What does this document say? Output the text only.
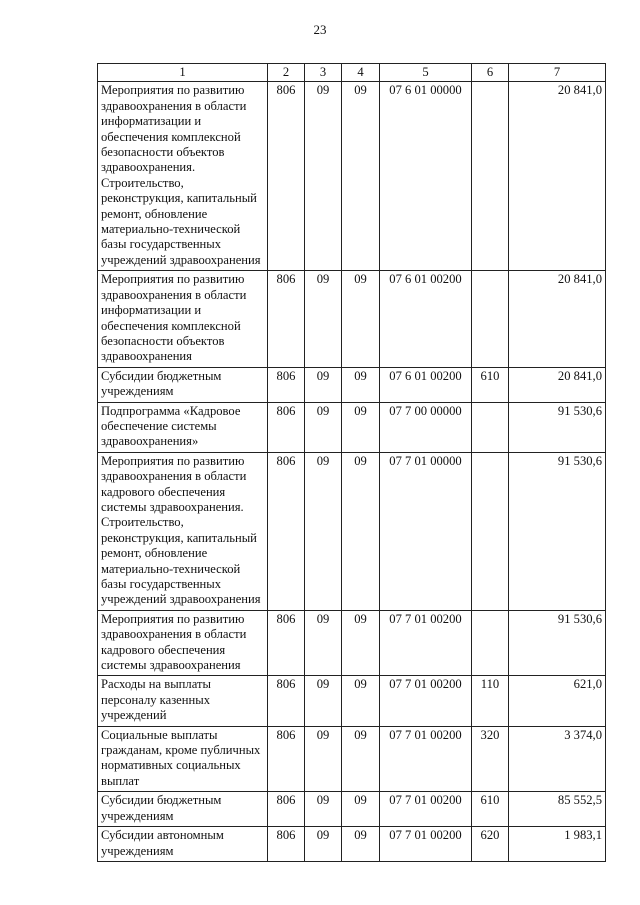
23
1	2	3	4	5	6	7
Мероприятия по развитию здравоохранения в области информатизации и обеспечения комплексной безопасности объектов здравоохранения. Строительство, реконструкция, капитальный ремонт, обновление материально-технической базы государственных учреждений здравоохранения	806	09	09	07 6 01 00000		20 841,0
Мероприятия по развитию здравоохранения в области информатизации и обеспечения комплексной безопасности объектов здравоохранения	806	09	09	07 6 01 00200		20 841,0
Субсидии бюджетным учреждениям	806	09	09	07 6 01 00200	610	20 841,0
Подпрограмма «Кадровое обеспечение системы здравоохранения»	806	09	09	07 7 00 00000		91 530,6
Мероприятия по развитию здравоохранения в области кадрового обеспечения системы здравоохранения. Строительство, реконструкция, капитальный ремонт, обновление материально-технической базы государственных учреждений здравоохранения	806	09	09	07 7 01 00000		91 530,6
Мероприятия по развитию здравоохранения в области кадрового обеспечения системы здравоохранения	806	09	09	07 7 01 00200		91 530,6
Расходы на выплаты персоналу казенных учреждений	806	09	09	07 7 01 00200	110	621,0
Социальные выплаты гражданам, кроме публичных нормативных социальных выплат	806	09	09	07 7 01 00200	320	3 374,0
Субсидии бюджетным учреждениям	806	09	09	07 7 01 00200	610	85 552,5
Субсидии автономным учреждениям	806	09	09	07 7 01 00200	620	1 983,1
